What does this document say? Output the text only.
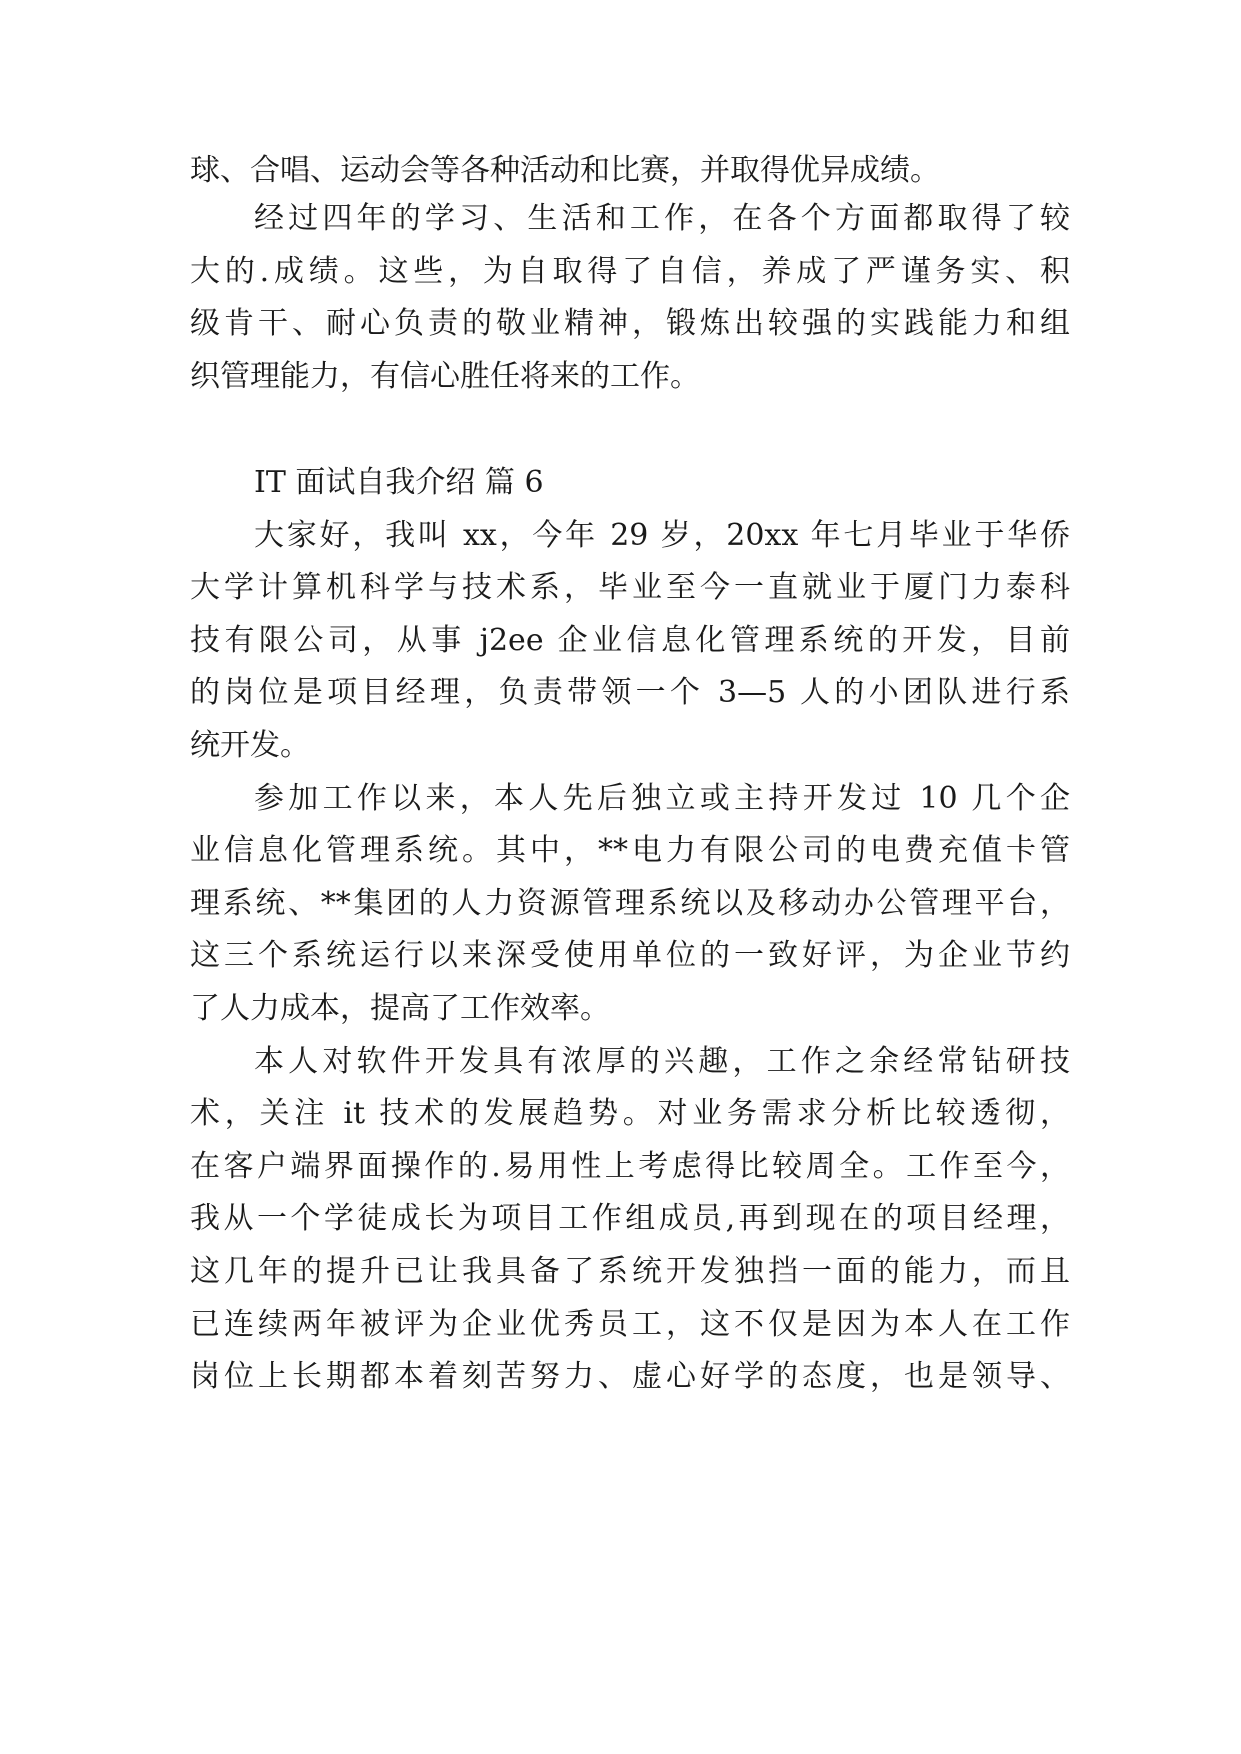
球、合唱、运动会等各种活动和比赛，并取得优异成绩。
经过四年的学习、生活和工作，在各个方面都取得了较
大的.成绩。这些，为自取得了自信，养成了严谨务实、积
级肯干、耐心负责的敬业精神，锻炼出较强的实践能力和组
织管理能力，有信心胜任将来的工作。
IT 面试自我介绍 篇 6
大家好，我叫 xx，今年 29 岁，20xx 年七月毕业于华侨
大学计算机科学与技术系，毕业至今一直就业于厦门力泰科
技有限公司，从事 j2ee 企业信息化管理系统的开发，目前
的岗位是项目经理，负责带领一个 3—5 人的小团队进行系
统开发。
参加工作以来，本人先后独立或主持开发过 10 几个企
业信息化管理系统。其中，**电力有限公司的电费充值卡管
理系统、**集团的人力资源管理系统以及移动办公管理平台，
这三个系统运行以来深受使用单位的一致好评，为企业节约
了人力成本，提高了工作效率。
本人对软件开发具有浓厚的兴趣，工作之余经常钻研技
术，关注 it 技术的发展趋势。对业务需求分析比较透彻，
在客户端界面操作的.易用性上考虑得比较周全。工作至今，
我从一个学徒成长为项目工作组成员,再到现在的项目经理，
这几年的提升已让我具备了系统开发独挡一面的能力，而且
已连续两年被评为企业优秀员工，这不仅是因为本人在工作
岗位上长期都本着刻苦努力、虚心好学的态度，也是领导、
